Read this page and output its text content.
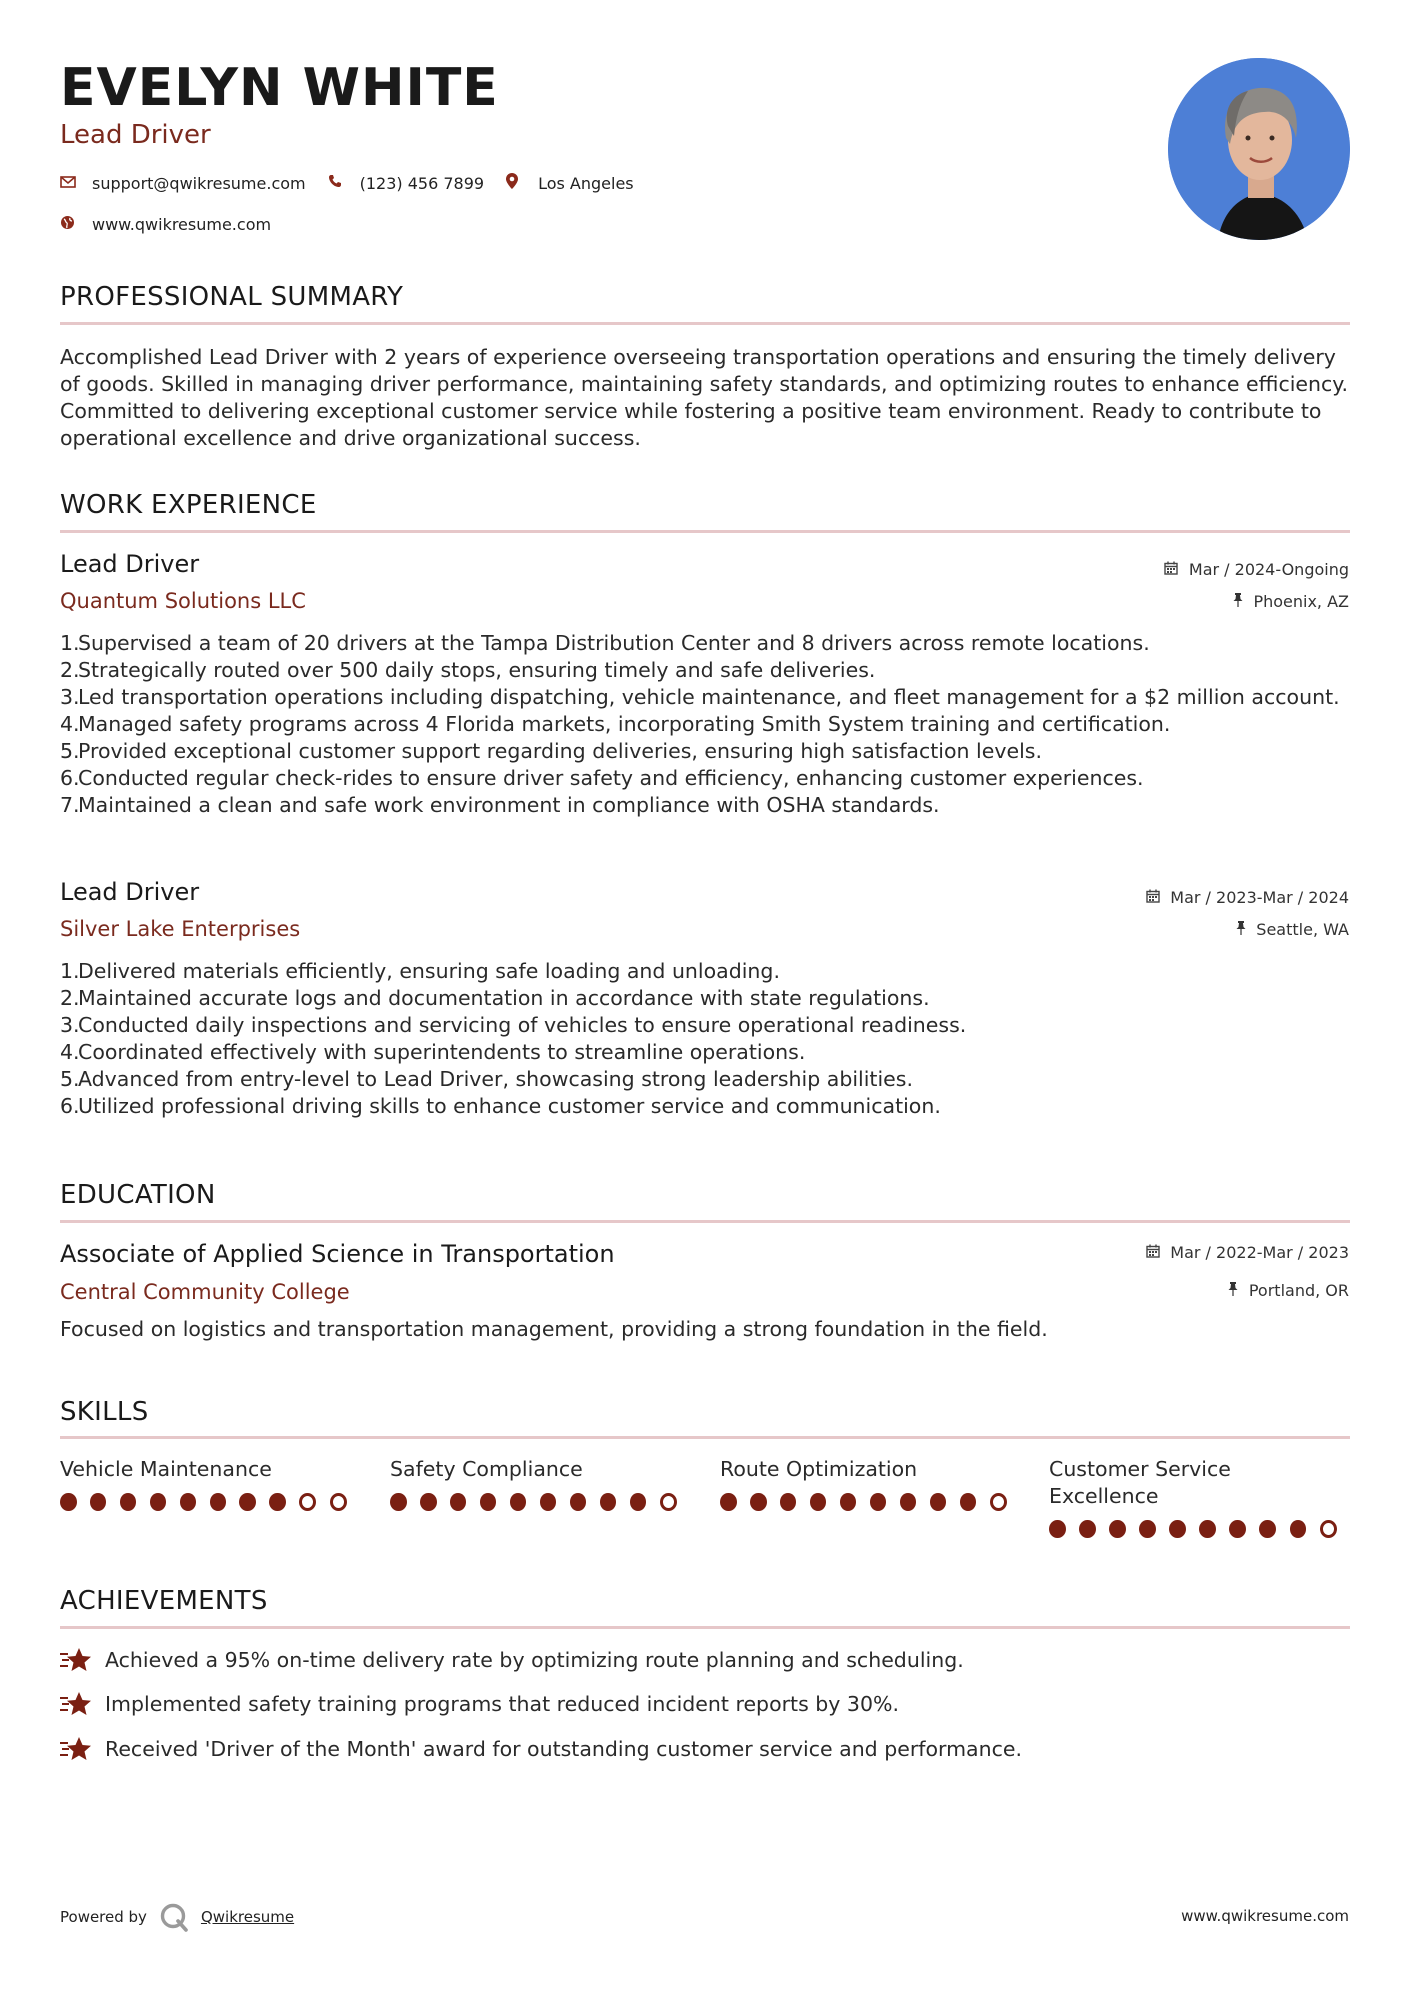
EVELYN WHITE
Lead Driver
support@qwikresume.com	(123) 456 7899	Los Angeles
www.qwikresume.com
PROFESSIONAL SUMMARY
Accomplished Lead Driver with 2 years of experience overseeing transportation operations and ensuring the timely delivery of goods. Skilled in managing driver performance, maintaining safety standards, and optimizing routes to enhance efficiency. Committed to delivering exceptional customer service while fostering a positive team environment. Ready to contribute to operational excellence and drive organizational success.
WORK EXPERIENCE
Lead Driver
Quantum Solutions LLC
Mar / 2024-Ongoing
Phoenix, AZ
1.
Supervised a team of 20 drivers at the Tampa Distribution Center and 8 drivers across remote locations.
2.
Strategically routed over 500 daily stops, ensuring timely and safe deliveries.
3.
Led transportation operations including dispatching, vehicle maintenance, and fleet management for a $2 million account.
4.
Managed safety programs across 4 Florida markets, incorporating Smith System training and certification.
5.
Provided exceptional customer support regarding deliveries, ensuring high satisfaction levels.
6.
Conducted regular check-rides to ensure driver safety and efficiency, enhancing customer experiences.
7.
Maintained a clean and safe work environment in compliance with OSHA standards.
Lead Driver
Silver Lake Enterprises
Mar / 2023-Mar / 2024
Seattle, WA
1.
Delivered materials efficiently, ensuring safe loading and unloading.
2.
Maintained accurate logs and documentation in accordance with state regulations.
3.
Conducted daily inspections and servicing of vehicles to ensure operational readiness.
4.
Coordinated effectively with superintendents to streamline operations.
5.
Advanced from entry-level to Lead Driver, showcasing strong leadership abilities.
6.
Utilized professional driving skills to enhance customer service and communication.
EDUCATION
Associate of Applied Science in Transportation
Central Community College
Mar / 2022-Mar / 2023
Portland, OR
Focused on logistics and transportation management, providing a strong foundation in the field.
SKILLS
Vehicle Maintenance	Safety Compliance	Route Optimization	Customer Service Excellence
ACHIEVEMENTS
Achieved a 95% on-time delivery rate by optimizing route planning and scheduling.
Implemented safety training programs that reduced incident reports by 30%.
Received 'Driver of the Month' award for outstanding customer service and performance.
Powered by	Qwikresume	www.qwikresume.com
